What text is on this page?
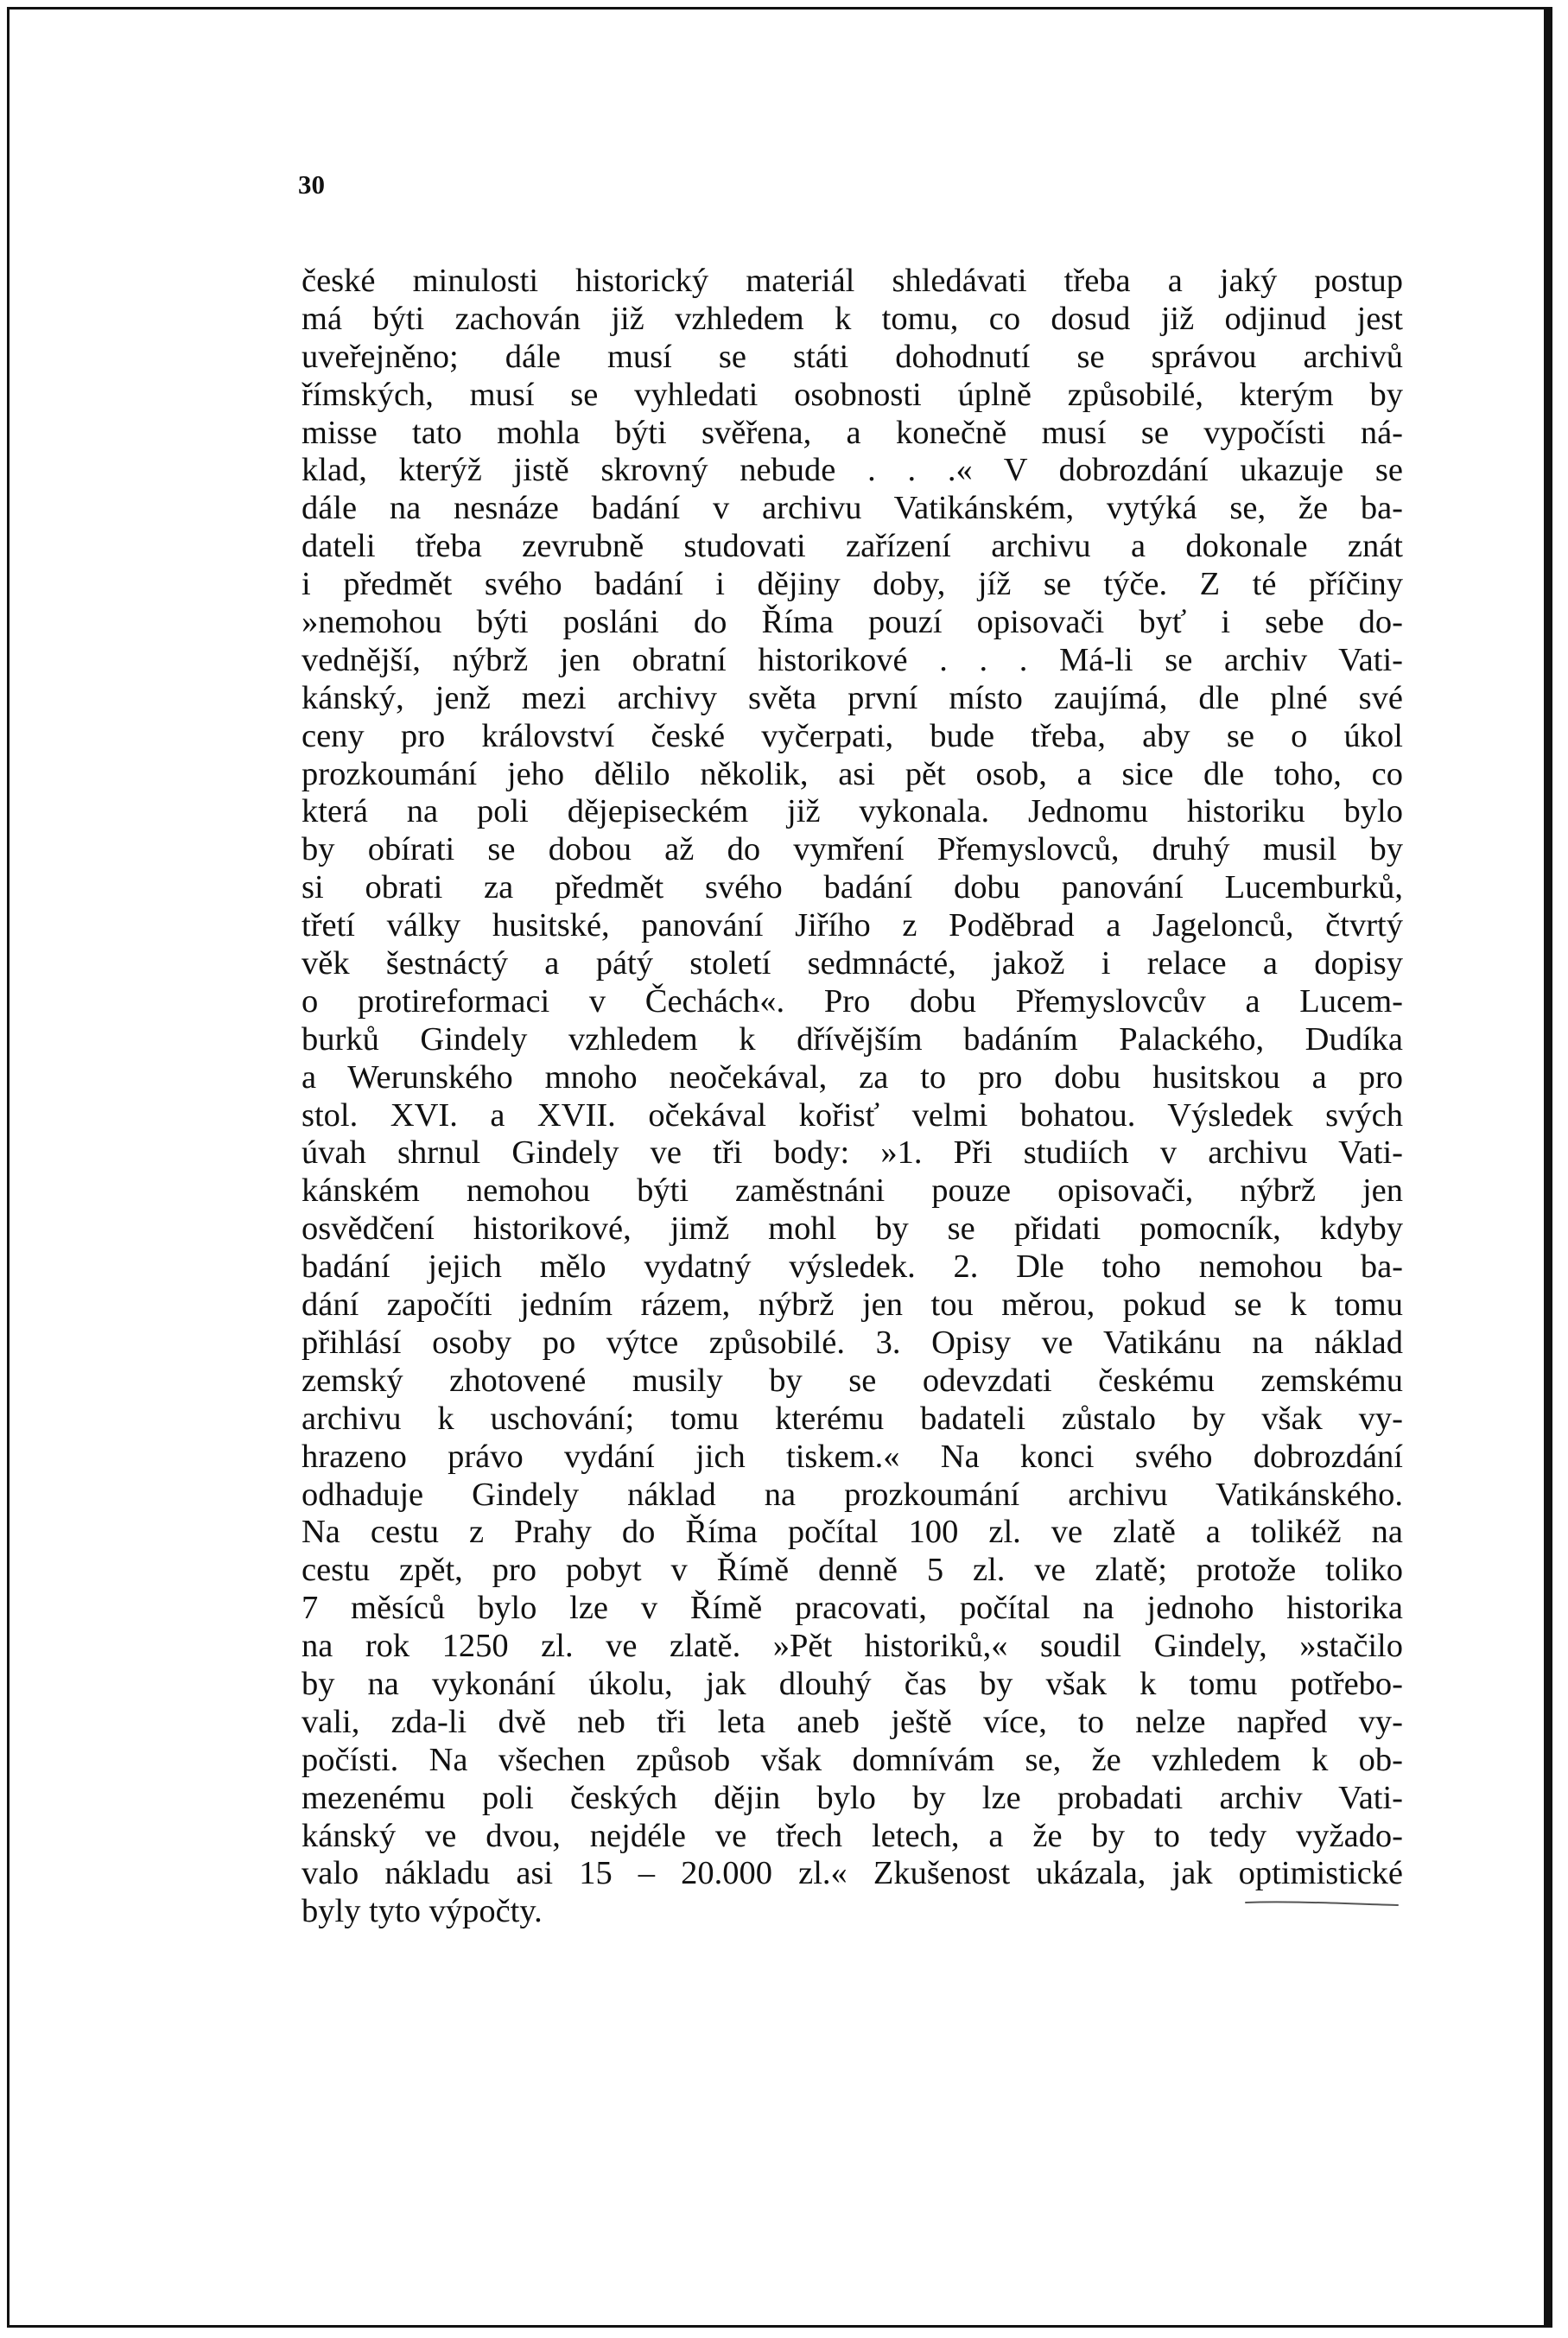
30
české minulosti historický materiál shledávati třeba a jaký postup
má býti zachován již vzhledem k tomu, co dosud již odjinud jest
uveřejněno; dále musí se státi dohodnutí se správou archivů
římských, musí se vyhledati osobnosti úplně způsobilé, kterým by
misse tato mohla býti svěřena, a konečně musí se vypočísti ná-
klad, kterýž jistě skrovný nebude . . .« V dobrozdání ukazuje se
dále na nesnáze badání v archivu Vatikánském, vytýká se, že ba-
dateli třeba zevrubně studovati zařízení archivu a dokonale znát
i předmět svého badání i dějiny doby, jíž se týče. Z té příčiny
»nemohou býti posláni do Říma pouzí opisovači byť i sebe do-
vednější, nýbrž jen obratní historikové . . . Má-li se archiv Vati-
kánský, jenž mezi archivy světa první místo zaujímá, dle plné své
ceny pro království české vyčerpati, bude třeba, aby se o úkol
prozkoumání jeho dělilo několik, asi pět osob, a sice dle toho, co
která na poli dějepiseckém již vykonala. Jednomu historiku bylo
by obírati se dobou až do vymření Přemyslovců, druhý musil by
si obrati za předmět svého badání dobu panování Lucemburků,
třetí války husitské, panování Jiřího z Poděbrad a Jagelonců, čtvrtý
věk šestnáctý a pátý století sedmnácté, jakož i relace a dopisy
o protireformaci v Čechách«. Pro dobu Přemyslovcův a Lucem-
burků Gindely vzhledem k dřívějším badáním Palackého, Dudíka
a Werunského mnoho neočekával, za to pro dobu husitskou a pro
stol. XVI. a XVII. očekával kořisť velmi bohatou. Výsledek svých
úvah shrnul Gindely ve tři body: »1. Při studiích v archivu Vati-
kánském nemohou býti zaměstnáni pouze opisovači, nýbrž jen
osvědčení historikové, jimž mohl by se přidati pomocník, kdyby
badání jejich mělo vydatný výsledek. 2. Dle toho nemohou ba-
dání započíti jedním rázem, nýbrž jen tou měrou, pokud se k tomu
přihlásí osoby po výtce způsobilé. 3. Opisy ve Vatikánu na náklad
zemský zhotovené musily by se odevzdati českému zemskému
archivu k uschování; tomu kterému badateli zůstalo by však vy-
hrazeno právo vydání jich tiskem.« Na konci svého dobrozdání
odhaduje Gindely náklad na prozkoumání archivu Vatikánského.
Na cestu z Prahy do Říma počítal 100 zl. ve zlatě a tolikéž na
cestu zpět, pro pobyt v Římě denně 5 zl. ve zlatě; protože toliko
7 měsíců bylo lze v Římě pracovati, počítal na jednoho historika
na rok 1250 zl. ve zlatě. »Pět historiků,« soudil Gindely, »stačilo
by na vykonání úkolu, jak dlouhý čas by však k tomu potřebo-
vali, zda-li dvě neb tři leta aneb ještě více, to nelze napřed vy-
počísti. Na všechen způsob však domnívám se, že vzhledem k ob-
mezenému poli českých dějin bylo by lze probadati archiv Vati-
kánský ve dvou, nejdéle ve třech letech, a že by to tedy vyžado-
valo nákladu asi 15 – 20.000 zl.« Zkušenost ukázala, jak optimistické
byly tyto výpočty.
